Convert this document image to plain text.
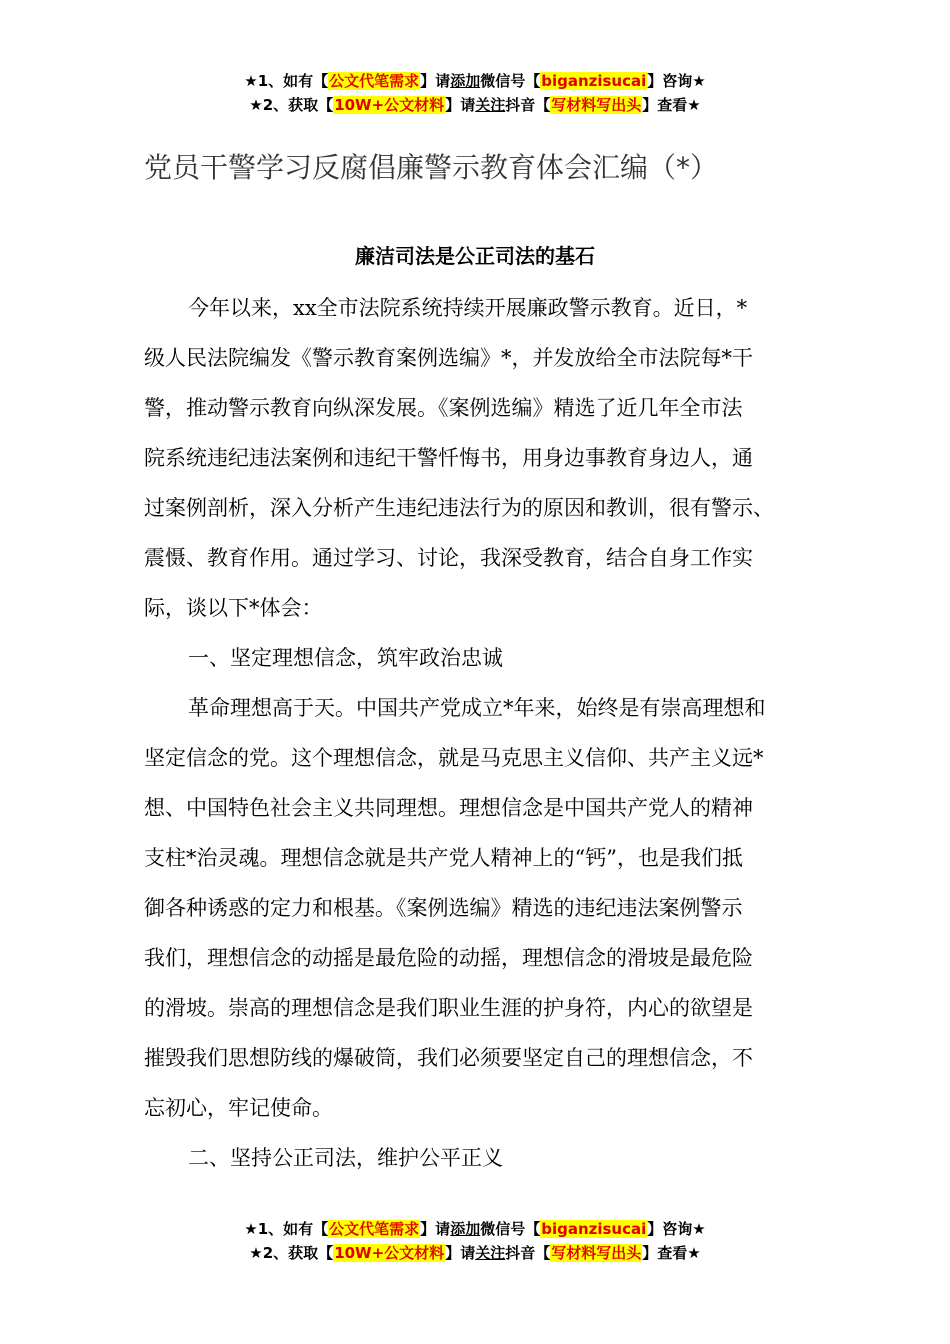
★1、如有【公文代笔需求】请添加微信号【biganzisucai】咨询★
★2、获取【10W+公文材料】请关注抖音【写材料写出头】查看★
党员干警学习反腐倡廉警示教育体会汇编（*）
廉洁司法是公正司法的基石
今年以来，xx全市法院系统持续开展廉政警示教育。近日，*
级人民法院编发《警示教育案例选编》*，并发放给全市法院每*干
警，推动警示教育向纵深发展。《案例选编》精选了近几年全市法
院系统违纪违法案例和违纪干警忏悔书，用身边事教育身边人，通
过案例剖析，深入分析产生违纪违法行为的原因和教训，很有警示、
震慑、教育作用。通过学习、讨论，我深受教育，结合自身工作实
际，谈以下*体会：
一、坚定理想信念，筑牢政治忠诚
革命理想高于天。中国共产党成立*年来，始终是有崇高理想和
坚定信念的党。这个理想信念，就是马克思主义信仰、共产主义远*
想、中国特色社会主义共同理想。理想信念是中国共产党人的精神
支柱*治灵魂。理想信念就是共产党人精神上的“钙”，也是我们抵
御各种诱惑的定力和根基。《案例选编》精选的违纪违法案例警示
我们，理想信念的动摇是最危险的动摇，理想信念的滑坡是最危险
的滑坡。崇高的理想信念是我们职业生涯的护身符，内心的欲望是
摧毁我们思想防线的爆破筒，我们必须要坚定自己的理想信念，不
忘初心，牢记使命。
二、坚持公正司法，维护公平正义
★1、如有【公文代笔需求】请添加微信号【biganzisucai】咨询★
★2、获取【10W+公文材料】请关注抖音【写材料写出头】查看★
